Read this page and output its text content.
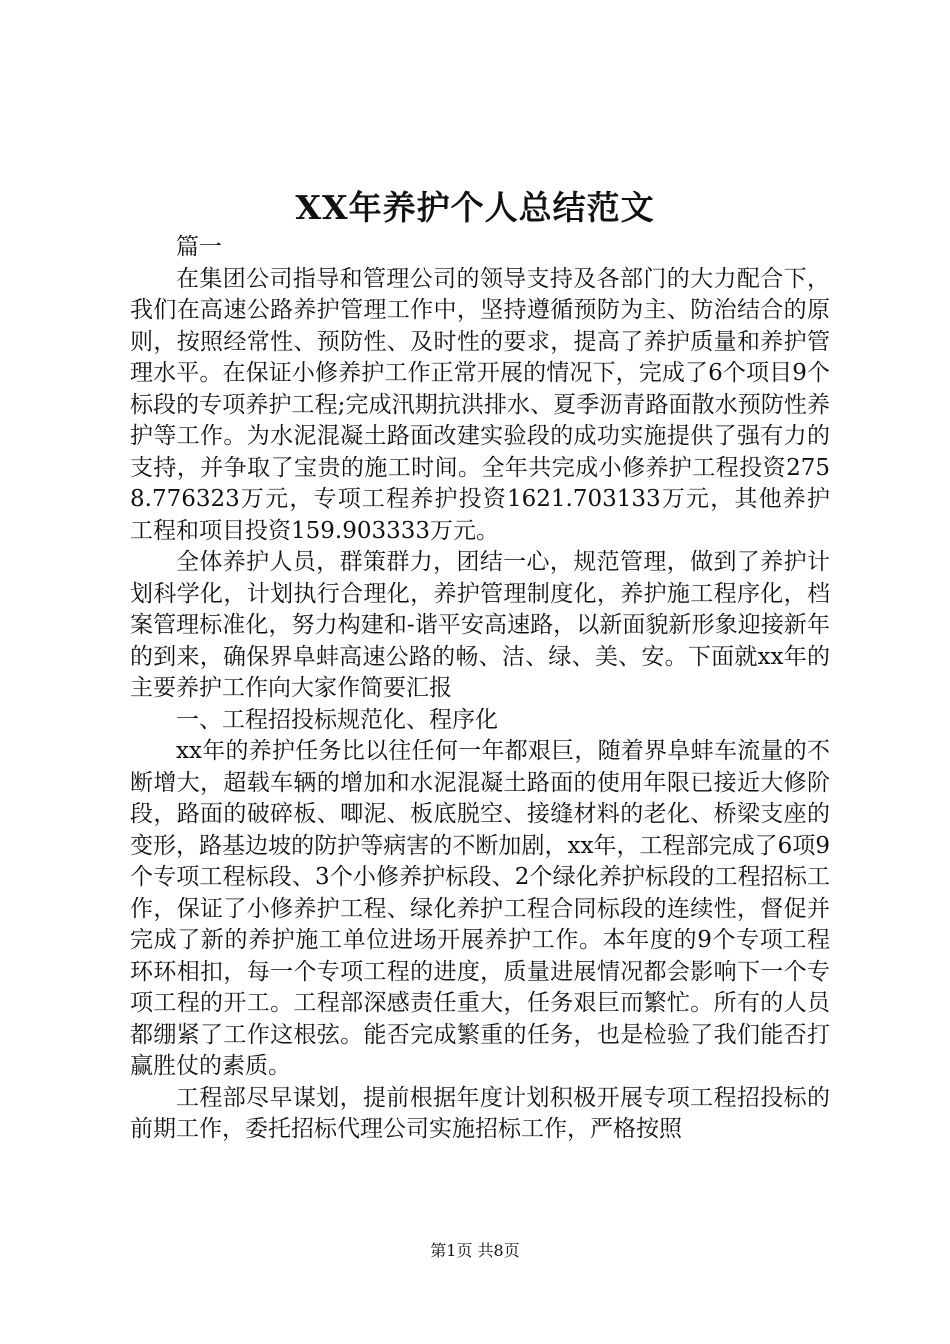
XX年养护个人总结范文

篇一

在集团公司指导和管理公司的领导支持及各部门的大力配合下，我们在高速公路养护管理工作中，坚持遵循预防为主、防治结合的原则，按照经常性、预防性、及时性的要求，提高了养护质量和养护管理水平。在保证小修养护工作正常开展的情况下，完成了6个项目9个标段的专项养护工程;完成汛期抗洪排水、夏季沥青路面散水预防性养护等工作。为水泥混凝土路面改建实验段的成功实施提供了强有力的支持，并争取了宝贵的施工时间。全年共完成小修养护工程投资2758.776323万元，专项工程养护投资1621.703133万元，其他养护工程和项目投资159.903333万元。

全体养护人员，群策群力，团结一心，规范管理，做到了养护计划科学化，计划执行合理化，养护管理制度化，养护施工程序化，档案管理标准化，努力构建和-谐平安高速路，以新面貌新形象迎接新年的到来，确保界阜蚌高速公路的畅、洁、绿、美、安。下面就xx年的主要养护工作向大家作简要汇报

一、工程招投标规范化、程序化

xx年的养护任务比以往任何一年都艰巨，随着界阜蚌车流量的不断增大，超载车辆的增加和水泥混凝土路面的使用年限已接近大修阶段，路面的破碎板、唧泥、板底脱空、接缝材料的老化、桥梁支座的变形，路基边坡的防护等病害的不断加剧，xx年，工程部完成了6项9个专项工程标段、3个小修养护标段、2个绿化养护标段的工程招标工作，保证了小修养护工程、绿化养护工程合同标段的连续性，督促并完成了新的养护施工单位进场开展养护工作。本年度的9个专项工程环环相扣，每一个专项工程的进度，质量进展情况都会影响下一个专项工程的开工。工程部深感责任重大，任务艰巨而繁忙。所有的人员都绷紧了工作这根弦。能否完成繁重的任务，也是检验了我们能否打赢胜仗的素质。

工程部尽早谋划，提前根据年度计划积极开展专项工程招投标的前期工作，委托招标代理公司实施招标工作，严格按照

第1页 共8页
